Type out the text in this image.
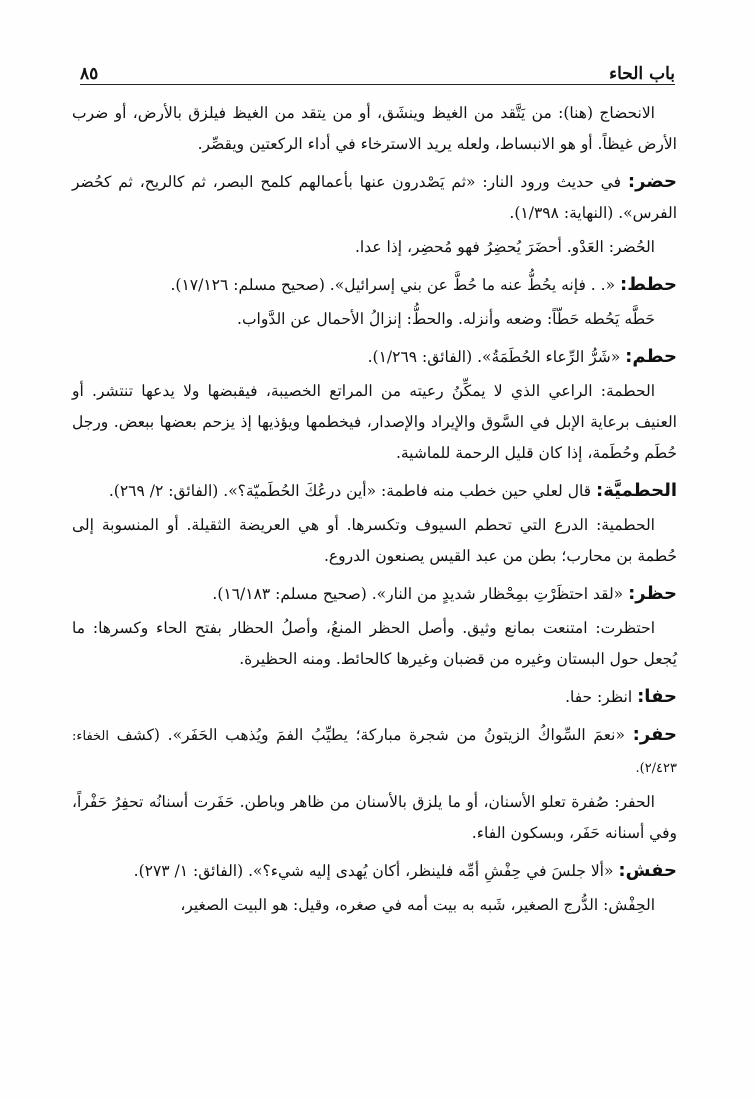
باب الحاء
٨٥

الانحضاج (هنا): من يَتَّقد من الغيظ وينشَق، أو من يتقد من الغيظ فيلزق بالأرض، أو ضرب الأرض غيظاً. أو هو الانبساط، ولعله يريد الاسترخاء في أداء الركعتين ويقصِّر.

حضر: في حديث ورود النار: «ثم يَصْدرون عنها بأعمالهم كلمح البصر، ثم كالريح، ثم كحُضر الفرس». (النهاية: ١/٣٩٨).

الحُضر: العَدْو. أحضَرَ يُحضِرُ فهو مُحضِر، إذا عدا.

حطط: «. . فإنه يحُطُّ عنه ما حُطَّ عن بني إسرائيل». (صحيح مسلم: ١٧/١٢٦).

حَطَّه يَحُطه حَطّاً: وضعه وأنزله. والحطُّ: إنزالُ الأحمال عن الدَّواب.

حطم: «شَرُّ الرِّعاء الحُطَمَةُ». (الفائق: ١/٢٦٩).

الحطمة: الراعي الذي لا يمكِّنُ رعيته من المراتع الخصيبة، فيقبضها ولا يدعها تنتشر. أو العنيف برعاية الإبل في السَّوق والإيراد والإصدار، فيخطمها ويؤذيها إذ يزحم بعضها ببعض. ورجل حُطَم وحُطَمة، إذا كان قليل الرحمة للماشية.

الحطميَّة: قال لعلي حين خطب منه فاطمة: «أين درعُكَ الحُطَميّة؟». (الفائق: ٢/ ٢٦٩).

الحطمية: الدرع التي تحطم السيوف وتكسرها. أو هي العريضة الثقيلة. أو المنسوبة إلى حُطمة بن محارب؛ بطن من عبد القيس يصنعون الدروع.

حظر: «لقد احتظَرْتِ بمِحْظار شديدٍ من النار». (صحيح مسلم: ١٦/١٨٣).

احتظرت: امتنعت بمانع وثيق. وأصل الحظر المنعُ، وأصلُ الحظار بفتح الحاء وكسرها: ما يُجعل حول البستان وغيره من قضبان وغيرها كالحائط. ومنه الحظيرة.

حفا: انظر: حفا.

حفر: «نعمَ السِّواكُ الزيتونُ من شجرة مباركة؛ يطيِّبُ الفمَ ويُذهب الحَفَر». (كشف الخفاء: ٢/٤٢٣).

الحفر: صُفرة تعلو الأسنان، أو ما يلزق بالأسنان من ظاهر وباطن. حَفَرت أسنانُه تحفِرُ حَفْراً، وفي أسنانه حَفَر، وبسكون الفاء.

حفش: «ألا جلسَ في حِفْشِ أمِّه فلينظر، أكان يُهدى إليه شيء؟». (الفائق: ١/ ٢٧٣).

الحِفْش: الدُّرج الصغير، شَبه به بيت أمه في صغره، وقيل: هو البيت الصغير،
